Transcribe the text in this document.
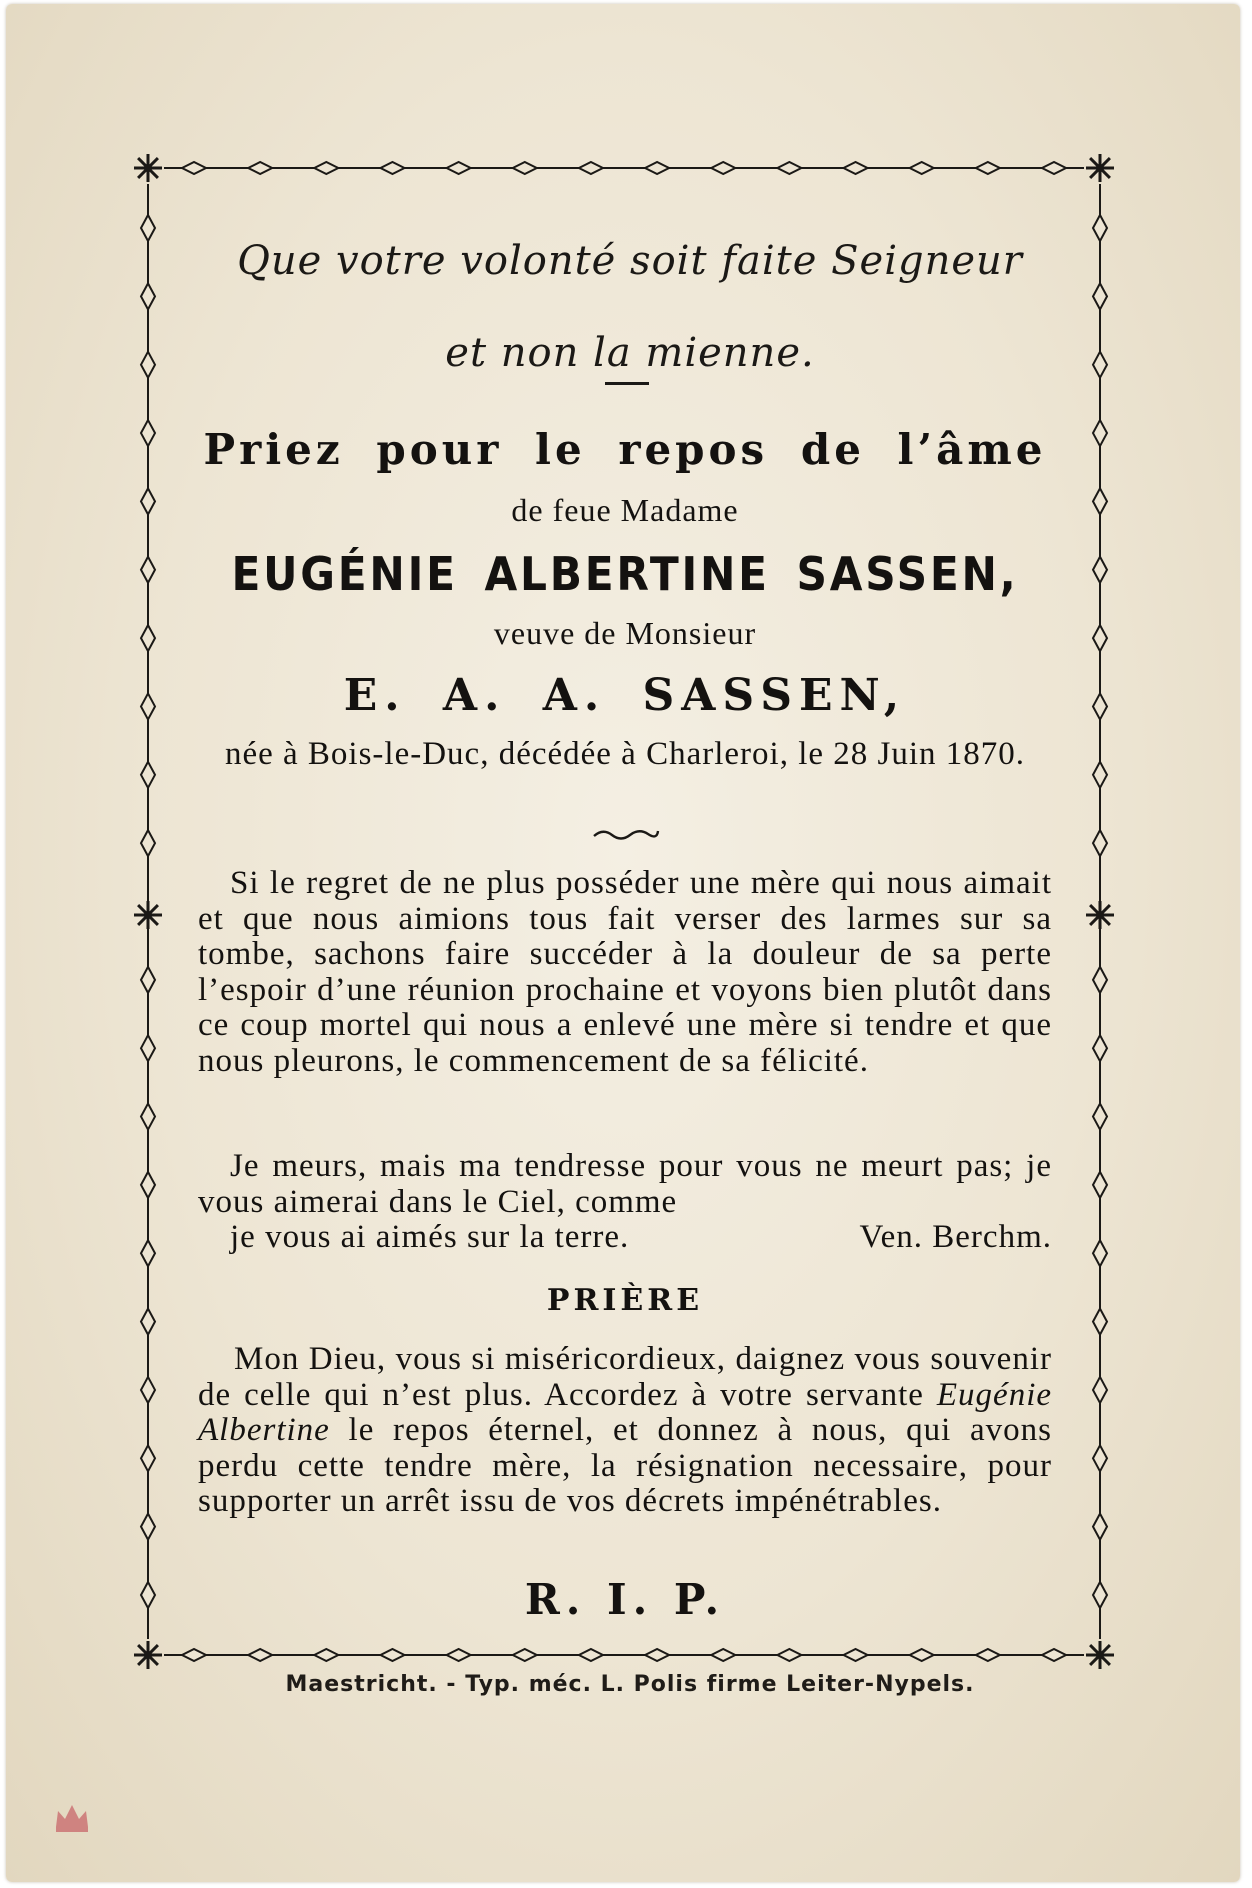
Que votre volonté soit faite Seigneur et non la mienne.
Priez pour le repos de l’âme
de feue Madame
EUGÉNIE ALBERTINE SASSEN,
veuve de Monsieur
E. A. A. SASSEN,
née à Bois-le-Duc, décédée à Charleroi, le 28 Juin 1870.

Si le regret de ne plus posséder une mère qui nous aimait et que nous aimions tous fait verser des larmes sur sa tombe, sachons faire succéder à la douleur de sa perte l’espoir d’une réunion prochaine et voyons bien plutôt dans ce coup mortel qui nous a enlevé une mère si tendre et que nous pleurons, le commencement de sa félicité.

Je meurs, mais ma tendresse pour vous ne meurt pas; je vous aimerai dans le Ciel, comme
je vous ai aimés sur la terre.	Ven. Berchm.
PRIÈRE

Mon Dieu, vous si miséricordieux, daignez vous souvenir de celle qui n’est plus. Accordez à votre servante Eugénie Albertine le repos éternel, et donnez à nous, qui avons perdu cette tendre mère, la résignation necessaire, pour supporter un arrêt issu de vos décrets impénétrables.

R. I. P.
Maestricht. - Typ. méc. L. Polis firme Leiter-Nypels.
